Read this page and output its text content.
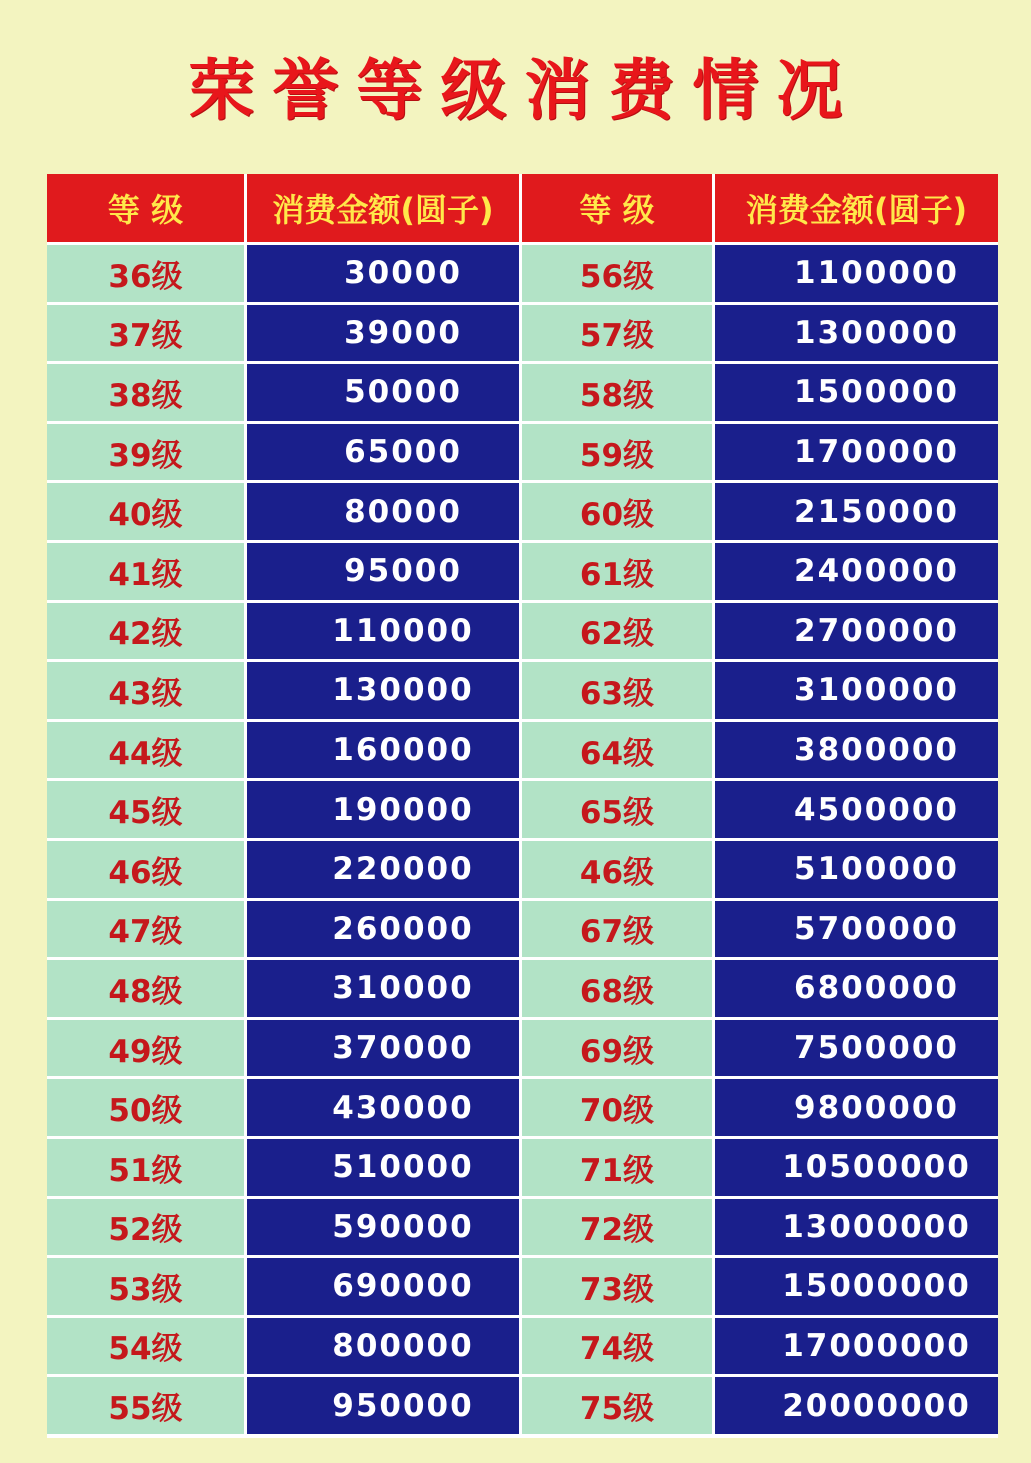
荣誉等级消费情况
等 级	消费金额(圆子)	等 级	消费金额(圆子)
36级	30000	56级	1100000
37级	39000	57级	1300000
38级	50000	58级	1500000
39级	65000	59级	1700000
40级	80000	60级	2150000
41级	95000	61级	2400000
42级	110000	62级	2700000
43级	130000	63级	3100000
44级	160000	64级	3800000
45级	190000	65级	4500000
46级	220000	46级	5100000
47级	260000	67级	5700000
48级	310000	68级	6800000
49级	370000	69级	7500000
50级	430000	70级	9800000
51级	510000	71级	10500000
52级	590000	72级	13000000
53级	690000	73级	15000000
54级	800000	74级	17000000
55级	950000	75级	20000000
